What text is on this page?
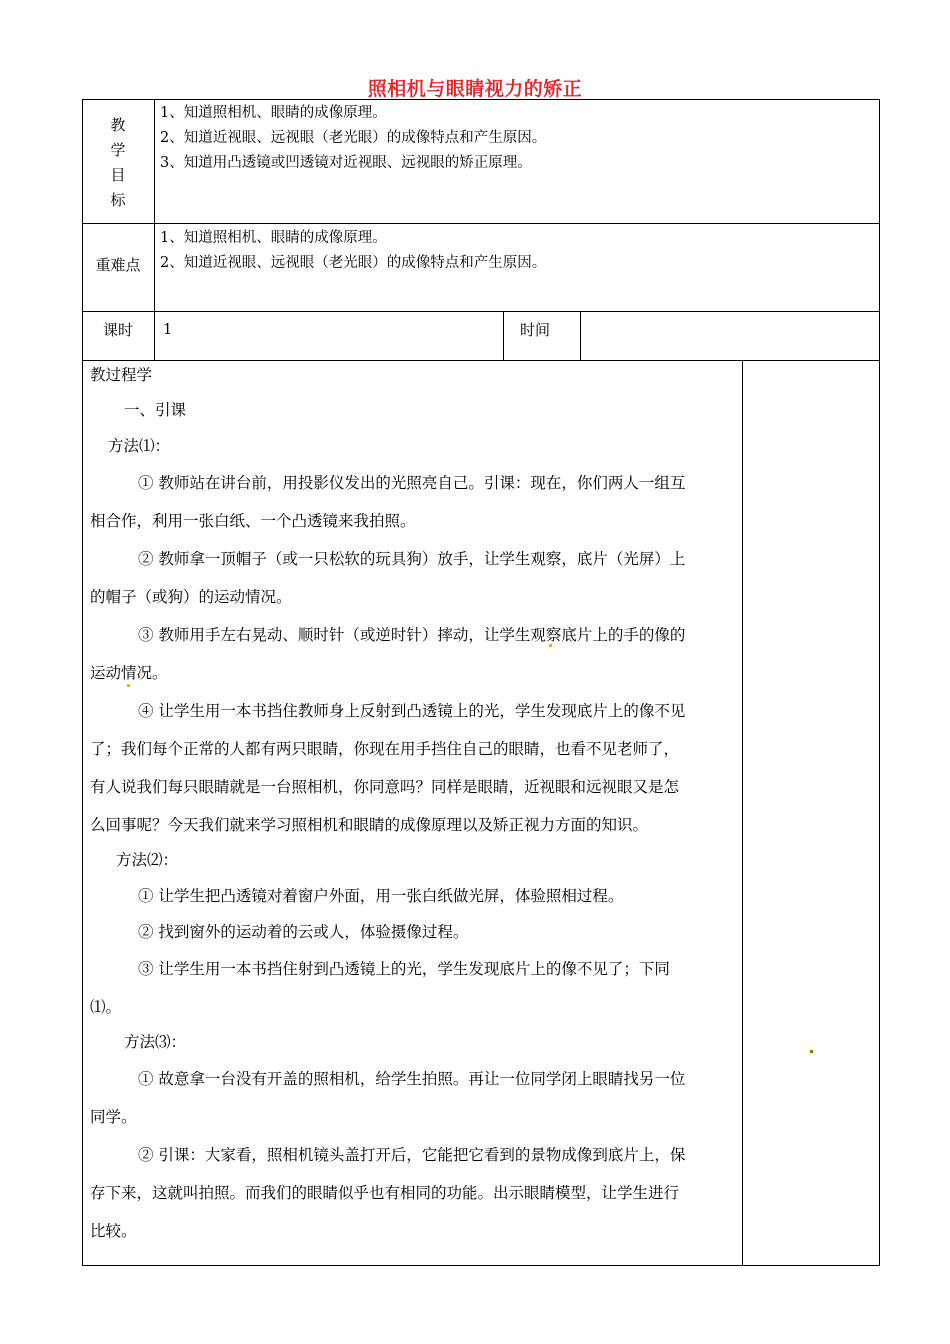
照相机与眼睛视力的矫正
教
学
目
标
1、知道照相机、眼睛的成像原理。
2、知道近视眼、远视眼（老光眼）的成像特点和产生原因。
3、知道用凸透镜或凹透镜对近视眼、远视眼的矫正原理。
重难点
1、知道照相机、眼睛的成像原理。
2、知道近视眼、远视眼（老光眼）的成像特点和产生原因。
课时	1	时间

教过程学

一、引课

方法⑴：

① 教师站在讲台前，用投影仪发出的光照亮自己。引课：现在，你们两人一组互

相合作，利用一张白纸、一个凸透镜来我拍照。

② 教师拿一顶帽子（或一只松软的玩具狗）放手，让学生观察，底片（光屏）上

的帽子（或狗）的运动情况。

③ 教师用手左右晃动、顺时针（或逆时针）摔动，让学生观察底片上的手的像的

运动情况。

④ 让学生用一本书挡住教师身上反射到凸透镜上的光，学生发现底片上的像不见

了；我们每个正常的人都有两只眼睛，你现在用手挡住自己的眼睛，也看不见老师了，

有人说我们每只眼睛就是一台照相机，你同意吗？同样是眼睛，近视眼和远视眼又是怎

么回事呢？今天我们就来学习照相机和眼睛的成像原理以及矫正视力方面的知识。

方法⑵：

① 让学生把凸透镜对着窗户外面，用一张白纸做光屏，体验照相过程。

② 找到窗外的运动着的云或人，体验摄像过程。

③ 让学生用一本书挡住射到凸透镜上的光，学生发现底片上的像不见了；下同

⑴。

方法⑶：

① 故意拿一台没有开盖的照相机，给学生拍照。再让一位同学闭上眼睛找另一位

同学。

② 引课：大家看，照相机镜头盖打开后，它能把它看到的景物成像到底片上，保

存下来，这就叫拍照。而我们的眼睛似乎也有相同的功能。出示眼睛模型，让学生进行

比较。
